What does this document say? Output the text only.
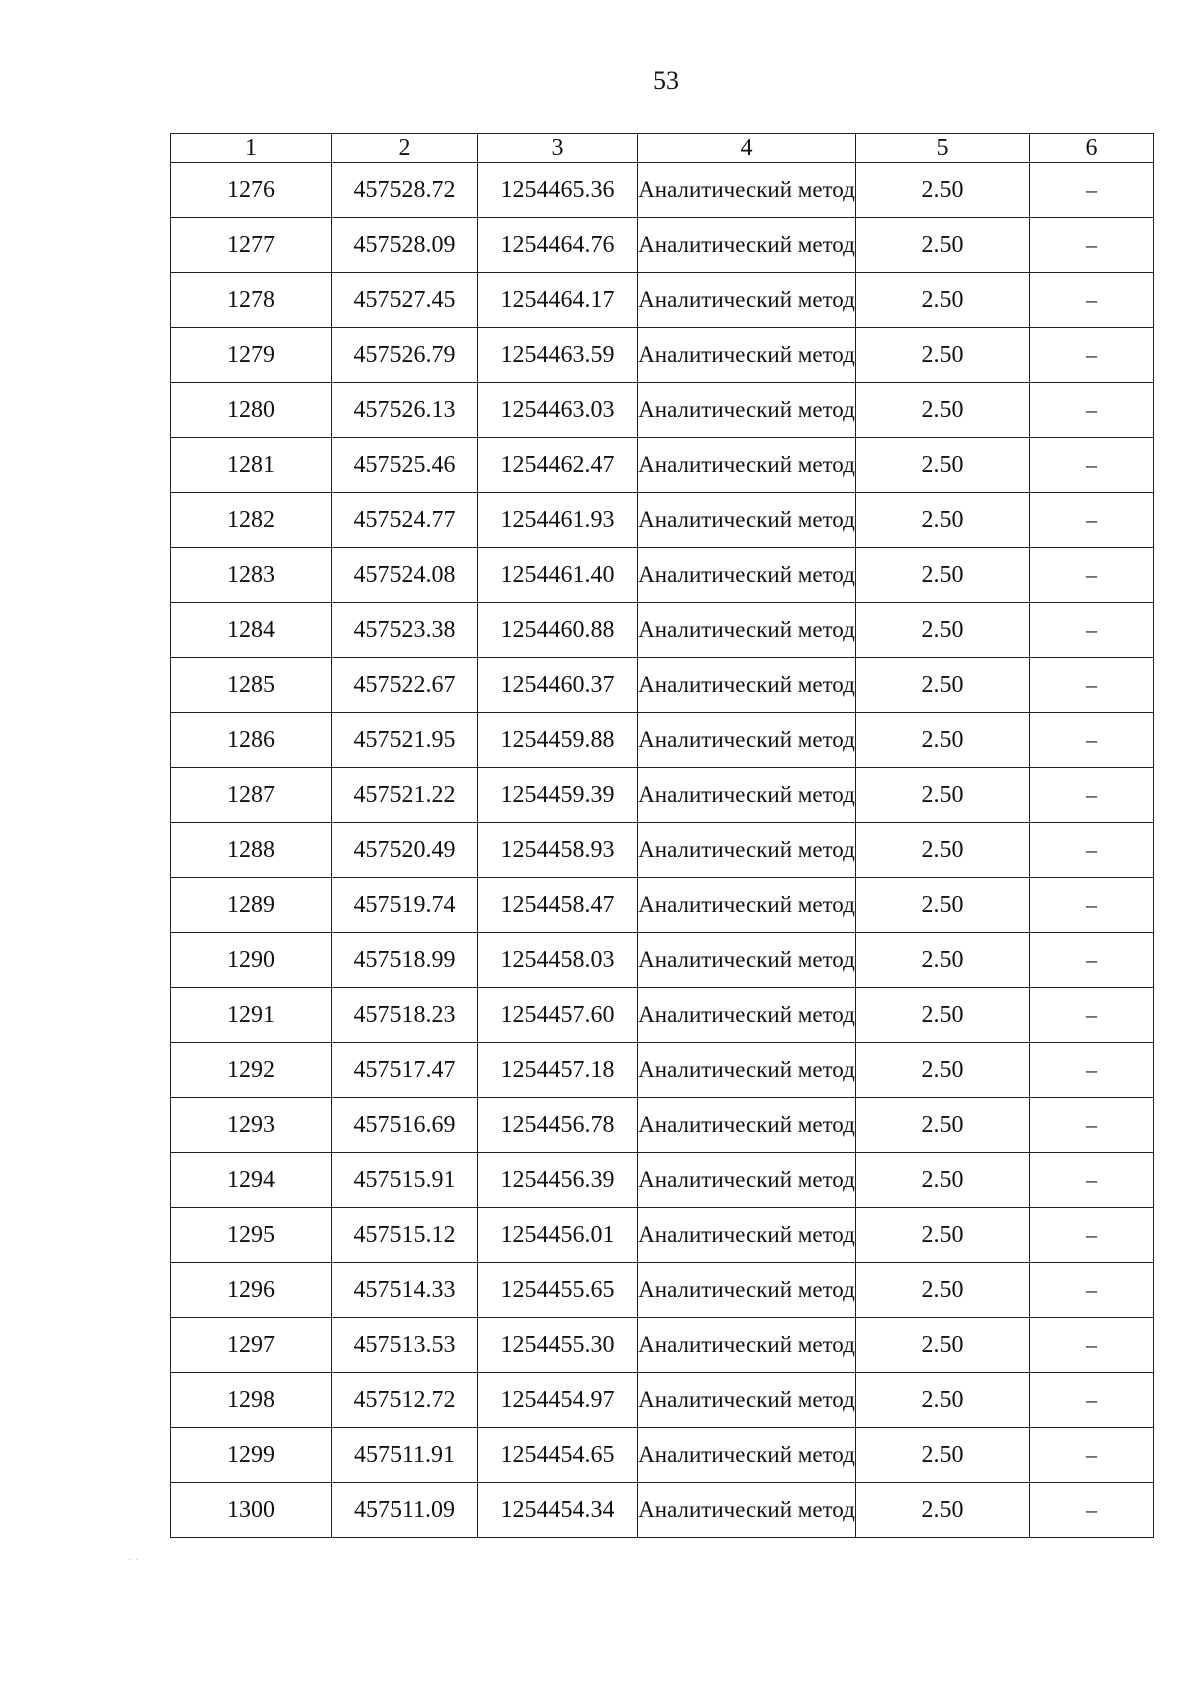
53
1	2	3	4	5	6
1276	457528.72	1254465.36	Аналитический метод	2.50	–
1277	457528.09	1254464.76	Аналитический метод	2.50	–
1278	457527.45	1254464.17	Аналитический метод	2.50	–
1279	457526.79	1254463.59	Аналитический метод	2.50	–
1280	457526.13	1254463.03	Аналитический метод	2.50	–
1281	457525.46	1254462.47	Аналитический метод	2.50	–
1282	457524.77	1254461.93	Аналитический метод	2.50	–
1283	457524.08	1254461.40	Аналитический метод	2.50	–
1284	457523.38	1254460.88	Аналитический метод	2.50	–
1285	457522.67	1254460.37	Аналитический метод	2.50	–
1286	457521.95	1254459.88	Аналитический метод	2.50	–
1287	457521.22	1254459.39	Аналитический метод	2.50	–
1288	457520.49	1254458.93	Аналитический метод	2.50	–
1289	457519.74	1254458.47	Аналитический метод	2.50	–
1290	457518.99	1254458.03	Аналитический метод	2.50	–
1291	457518.23	1254457.60	Аналитический метод	2.50	–
1292	457517.47	1254457.18	Аналитический метод	2.50	–
1293	457516.69	1254456.78	Аналитический метод	2.50	–
1294	457515.91	1254456.39	Аналитический метод	2.50	–
1295	457515.12	1254456.01	Аналитический метод	2.50	–
1296	457514.33	1254455.65	Аналитический метод	2.50	–
1297	457513.53	1254455.30	Аналитический метод	2.50	–
1298	457512.72	1254454.97	Аналитический метод	2.50	–
1299	457511.91	1254454.65	Аналитический метод	2.50	–
1300	457511.09	1254454.34	Аналитический метод	2.50	–
··
